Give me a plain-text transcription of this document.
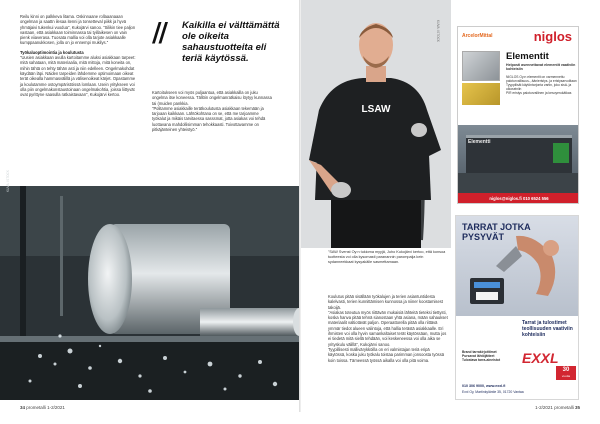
Reilu kinni on palkkeva litama. Oskinnaane rollaaanaaan ongelman ja saattn ilesaa itenni ja tonsetteval piikk ja hyvä yhmäjaivi tukenkui vuodua", Kukojärvi sanoo. "Silikin tiee paljon vastaan, että asiakkaan toiminnassa tai tyillaikesen on vain pienk viiaverasa. Tuosata mallia voi olla tarjote asiakkaalle kumppaanukkosen, jolla on jo ennempi mukilys."

Työkaluoptimointia ja koulutusta

"Uusien asiakkaan avulla kartoitamme aluksi asiakkaan tarpeet: mitä sahataan, mitä materiaalia, mitä mittoja, mitä koneita on, mihin tähtä on tehty tähän asti ja niin edelleen. Ongelmakohdat käydään läpi. Näiden tarpeiden lähdemme optimoimaan oikeat terät oikealla hammasvälillä ja välisenoikeat kärjet. Opastamme ja koulutamme ostoympäristöissä lomlaan. Usein yritykseen voi olla piin ongelmakonstaustoinaan ongelmakohtia, joissa liittyvät ovat pyrittyne saasulla ratkaistavaan", Kukojärvi kertoo.

// Kaikilla ei välttämättä ole oikeita sahaustuotteita eli teriä käytössä.

Kartoitukseen voi myös puljaantua, että asiakkailla on juku ongelma itse koneessa. Tällöin ongelmanratkaisu löytyy kunnassa tai (muiden pankkia.
"Politamme asiakkaille terätkoulutusta asiakkaan tekemään ja tarjoaan kaikkaan. Lähtökohtana on se, että me tarjoamme työkalut ja mikäis tarvitaessa sasssmat, jotta asiakas voi tehdä luottavana mahdollisimman tehokkaasti. Toivottavamme on pitkäjänteinen yhteistyö."

KUVA: ISTOCK
34 prometalli 1-2/2021
LSAW
KUVA: ISTOCK

"SAW Svenst Oy:n tukioma myyjä, Juho Kukojärvi kertoo, että konsoa tuotteesta voi olla kysomasti paranannin parompaija kein sydanneekkaat kysyakälle sasmettamaan.

Koulutus pitää sisällään työkalujen ja terien asiantuntidesta kalelvasti, terien kunnittämisen kunnossa ja niiner koostamisest takoijä.
"Asiakas toteutua myös riittävän mukaisiä lähteitä tieteksi tiettysti, koska hanva pitää tehnä sianostaan yhtä asiana, mään sahaukset materiaalit valtiotävät paljon. Operaattorella pitää olla riittävä ymmär tiedot alueen valintoja, että hallia terästä asiakkaalle. Eri ihmisten voi olla hyvin samankaltaiset terät käytössäan, mutta jos ei tiedetä mitä siellä tehdään, voi keskeneessa voi olla aika se yrityskulu välillä", Kukojärvi sanoo.
Tyypillisesti mallivärykköilla on eri valmistajan teriä eripä käytössä, koska juku työkalu toistaa parimman jonsoosta työssä koin toissa. Tämeessä työssä aikalla voi olla pitä voima.

ArcelorMittal	niglos
Elementit
Helposti asennettavat elementit vaativiin kohteisiin

NIGLOS Oy:n elementit on varmennettu paloturvallisuus-, äänieristys- ja eristysarvoiltaan

Tyyppilisät käytöntarjonta vartin, joko sisä- ja ulkoseiniin

PIR eristys paloturvallinen ja kesoyerukätkas

Elementti
niglos@niglos.fi 010 6524 556
TARRAT JOTKA
PYSYVÄT
Tarrat ja tulostimet teollisuuden vaativiin kohteisiin

Brand tarrakirjoittimet

Pursavat lähtöjätteet

Tulostava tarra-aineistot	EXXL
30
vuotta
010 306 9000, www.exxl.fi
Exxl Oy, Martinkyläntie 35, 01720 Vantaa
1-2/2021 prometalli 35
